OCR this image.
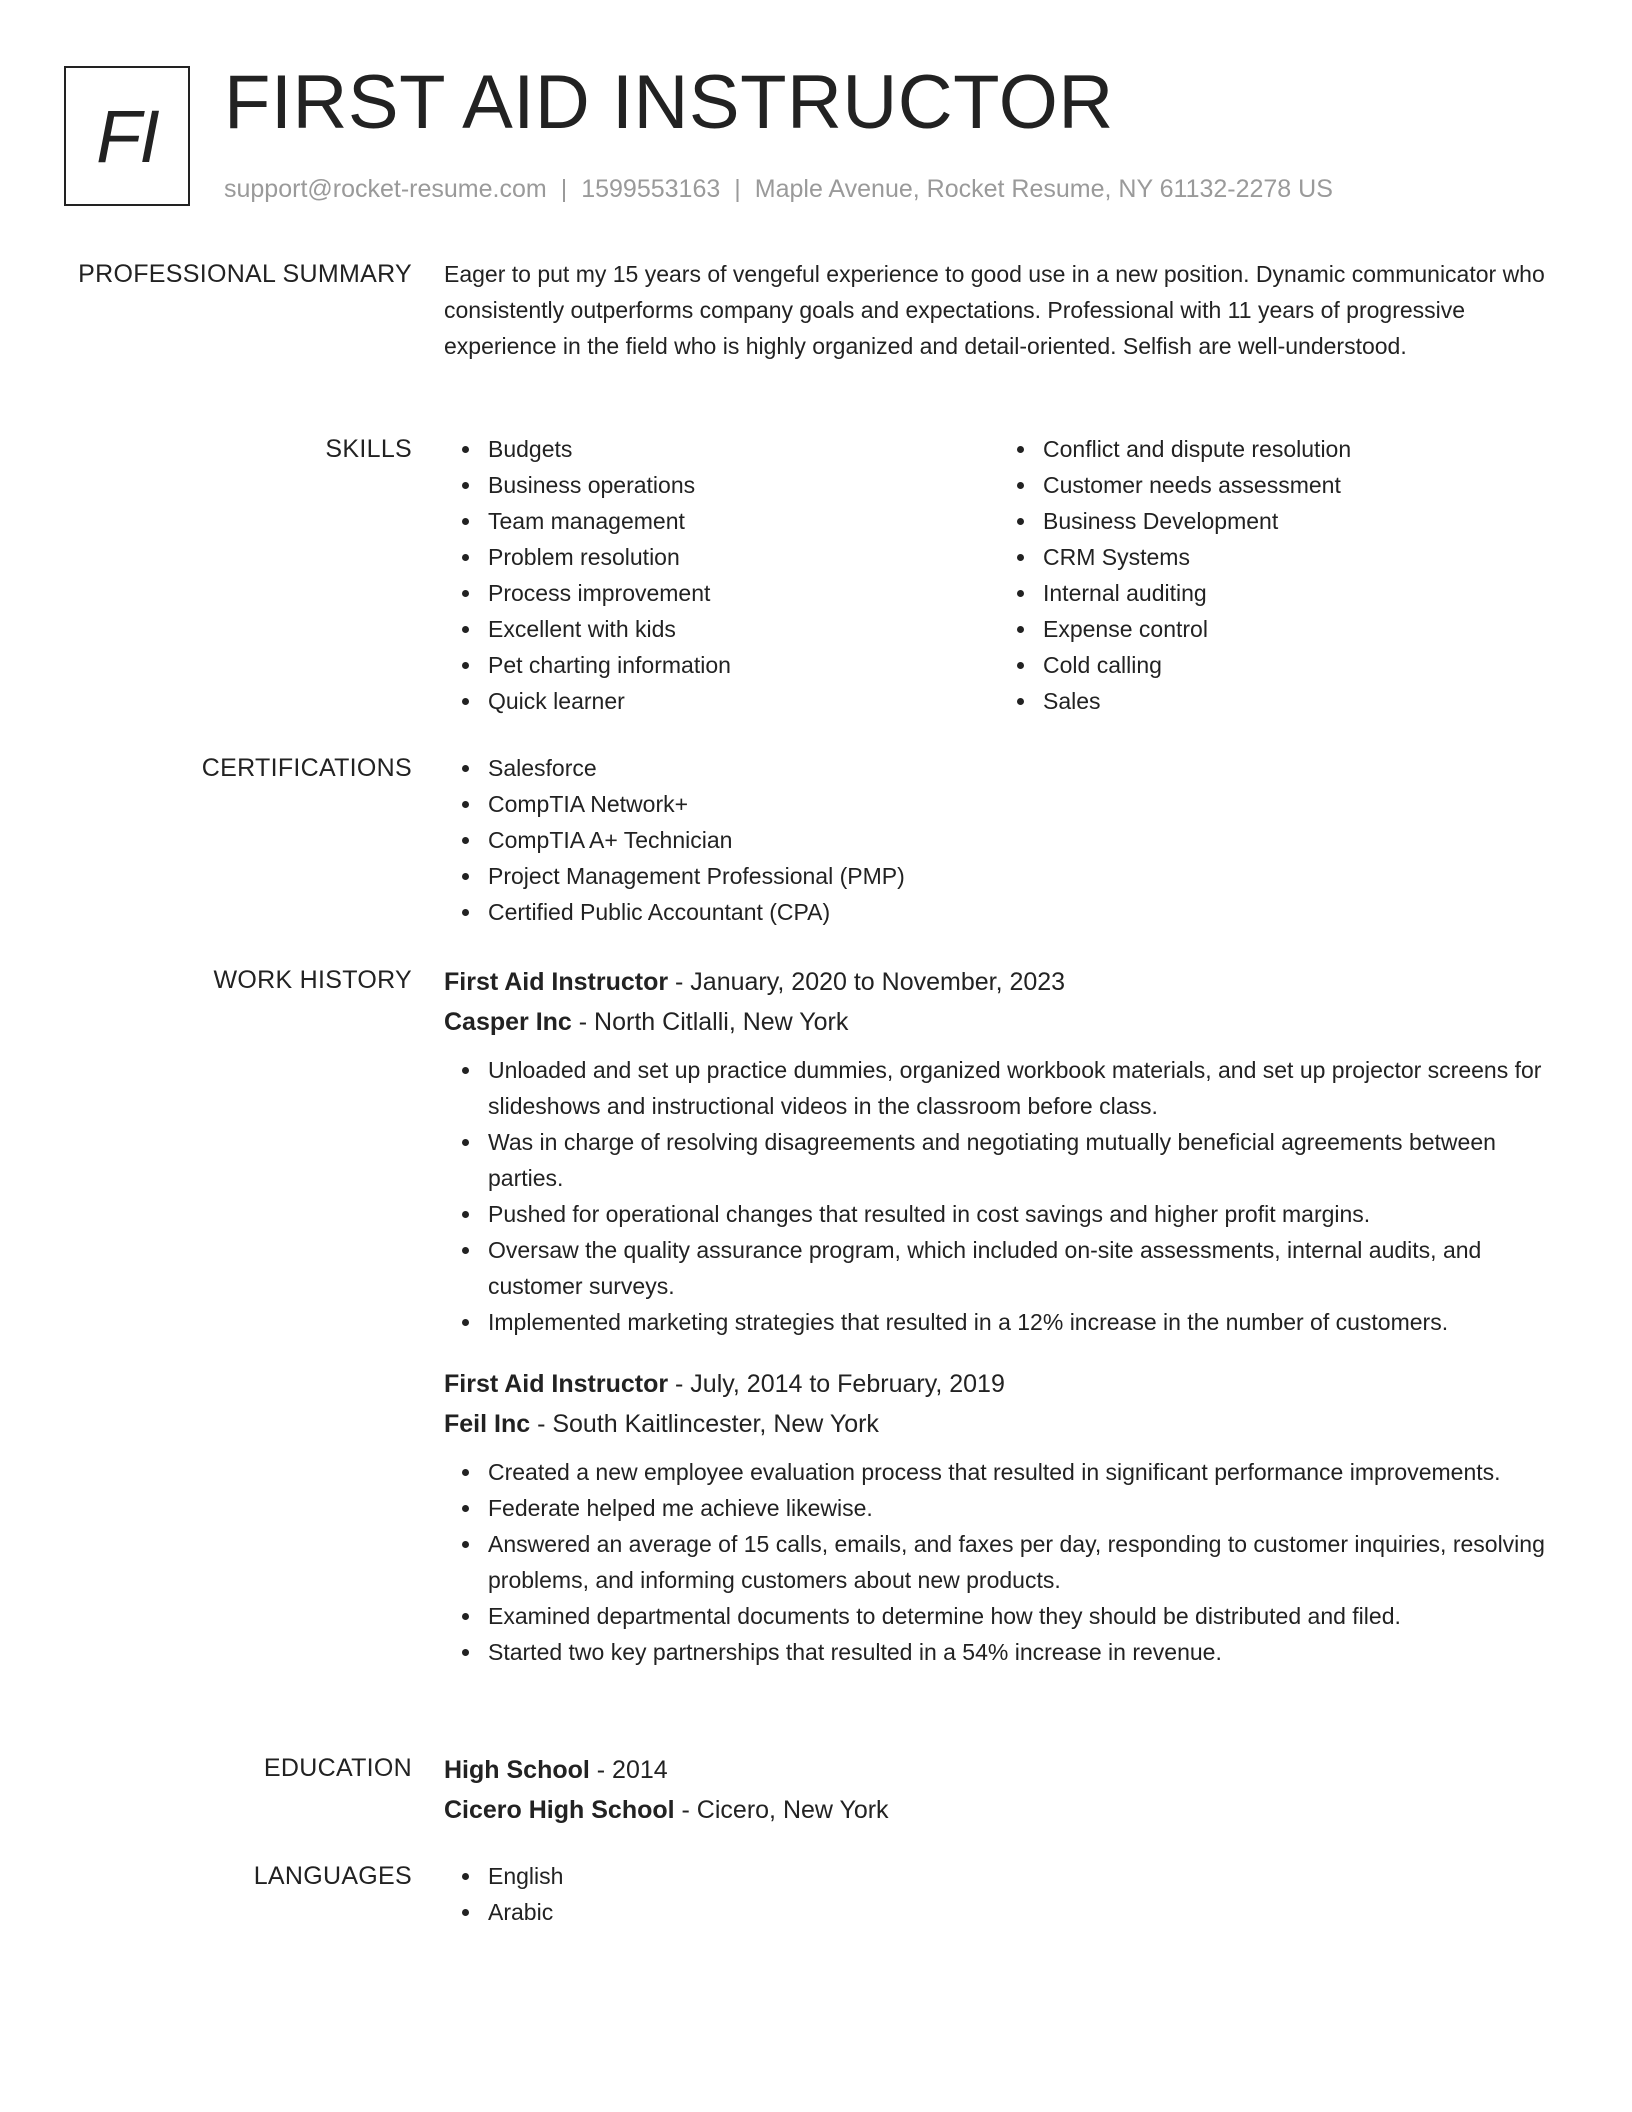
FI FIRST AID INSTRUCTOR
support@rocket-resume.com | 1599553163 | Maple Avenue, Rocket Resume, NY 61132-2278 US
PROFESSIONAL SUMMARY Eager to put my 15 years of vengeful experience to good use in a new position. Dynamic communicator who consistently outperforms company goals and expectations. Professional with 11 years of progressive experience in the field who is highly organized and detail-oriented. Selfish are well-understood.

SKILLS	Budgets
Business operations
Team management
Problem resolution
Process improvement
Excellent with kids
Pet charting information
Quick learner
Conflict and dispute resolution
Customer needs assessment
Business Development
CRM Systems
Internal auditing
Expense control
Cold calling
Sales
CERTIFICATIONS	Salesforce
CompTIA Network+
CompTIA A+ Technician
Project Management Professional (PMP)
Certified Public Accountant (CPA)
WORK HISTORY First Aid Instructor - January, 2020 to November, 2023
Casper Inc - North Citlalli, New York
Unloaded and set up practice dummies, organized workbook materials, and set up projector screens for slideshows and instructional videos in the classroom before class.
Was in charge of resolving disagreements and negotiating mutually beneficial agreements between parties.
Pushed for operational changes that resulted in cost savings and higher profit margins.
Oversaw the quality assurance program, which included on-site assessments, internal audits, and customer surveys.
Implemented marketing strategies that resulted in a 12% increase in the number of customers.
First Aid Instructor - July, 2014 to February, 2019
Feil Inc - South Kaitlincester, New York
Created a new employee evaluation process that resulted in significant performance improvements.
Federate helped me achieve likewise.
Answered an average of 15 calls, emails, and faxes per day, responding to customer inquiries, resolving problems, and informing customers about new products.
Examined departmental documents to determine how they should be distributed and filed.
Started two key partnerships that resulted in a 54% increase in revenue.
EDUCATION High School - 2014
Cicero High School - Cicero, New York
LANGUAGES	English
Arabic
